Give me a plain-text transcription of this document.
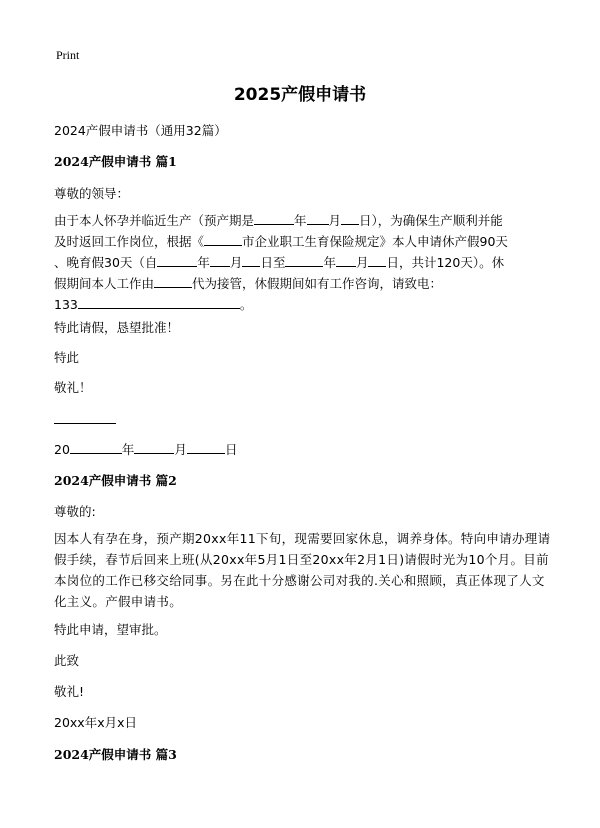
Print
2025产假申请书
2024产假申请书（通用32篇）
2024产假申请书 篇1
尊敬的领导：
由于本人怀孕并临近生产（预产期是	年 月 日），为确保生产顺利并能
及时返回工作岗位，根据《	市企业职工生育保险规定》本人申请休产假90天
、晚育假30天（自	年 月 日至	年 月 日，共计120天）。休
假期间本人工作由	代为接管，休假期间如有工作咨询，请致电：
133	。
特此请假，恳望批准！
特此
敬礼！
20	年	月	日
2024产假申请书 篇2
尊敬的:
因本人有孕在身，预产期20xx年11下旬，现需要回家休息，调养身体。特向申请办理请假手续，春节后回来上班(从20xx年5月1日至20xx年2月1日)请假时光为10个月。目前本岗位的工作已移交给同事。另在此十分感谢公司对我的.关心和照顾，真正体现了人文化主义。产假申请书。
特此申请，望审批。
此致
敬礼!
20xx年x月x日
2024产假申请书 篇3
